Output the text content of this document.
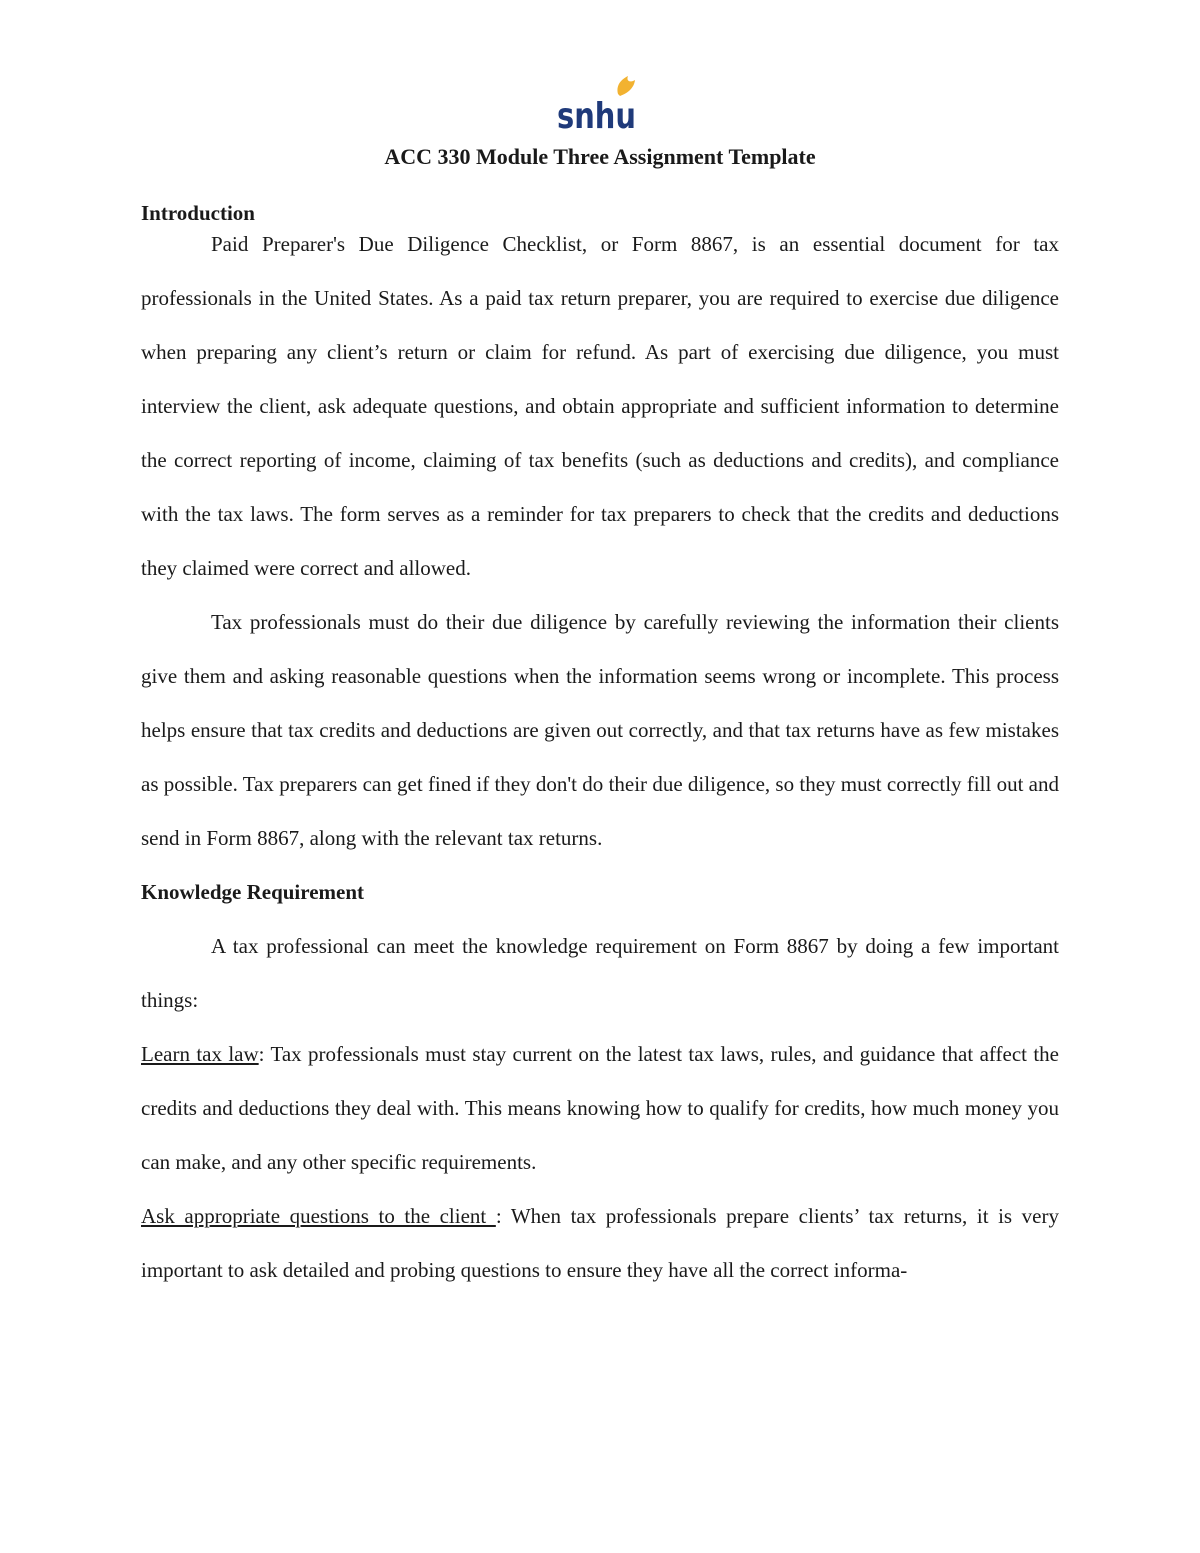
snhu
ACC 330 Module Three Assignment Template
Introduction

Paid Preparer's Due Diligence Checklist, or Form 8867, is an essential document for tax professionals in the United States. As a paid tax return preparer, you are required to exercise due diligence when preparing any client’s return or claim for refund. As part of exercising due diligence, you must interview the client, ask adequate questions, and obtain appropriate and sufficient information to determine the correct reporting of income, claiming of tax benefits (such as deductions and credits), and compliance with the tax laws. The form serves as a reminder for tax preparers to check that the credits and deductions they claimed were correct and allowed.

Tax professionals must do their due diligence by carefully reviewing the information their clients give them and asking reasonable questions when the information seems wrong or incomplete. This process helps ensure that tax credits and deductions are given out correctly, and that tax returns have as few mistakes as possible. Tax preparers can get fined if they don't do their due diligence, so they must correctly fill out and send in Form 8867, along with the relevant tax returns.

Knowledge Requirement

A tax professional can meet the knowledge requirement on Form 8867 by doing a few important things:

Learn tax law: Tax professionals must stay current on the latest tax laws, rules, and guidance that affect the credits and deductions they deal with. This means knowing how to qualify for credits, how much money you can make, and any other specific requirements.

Ask appropriate questions to the client : When tax professionals prepare clients’ tax returns, it is very important to ask detailed and probing questions to ensure they have all the correct informa-
